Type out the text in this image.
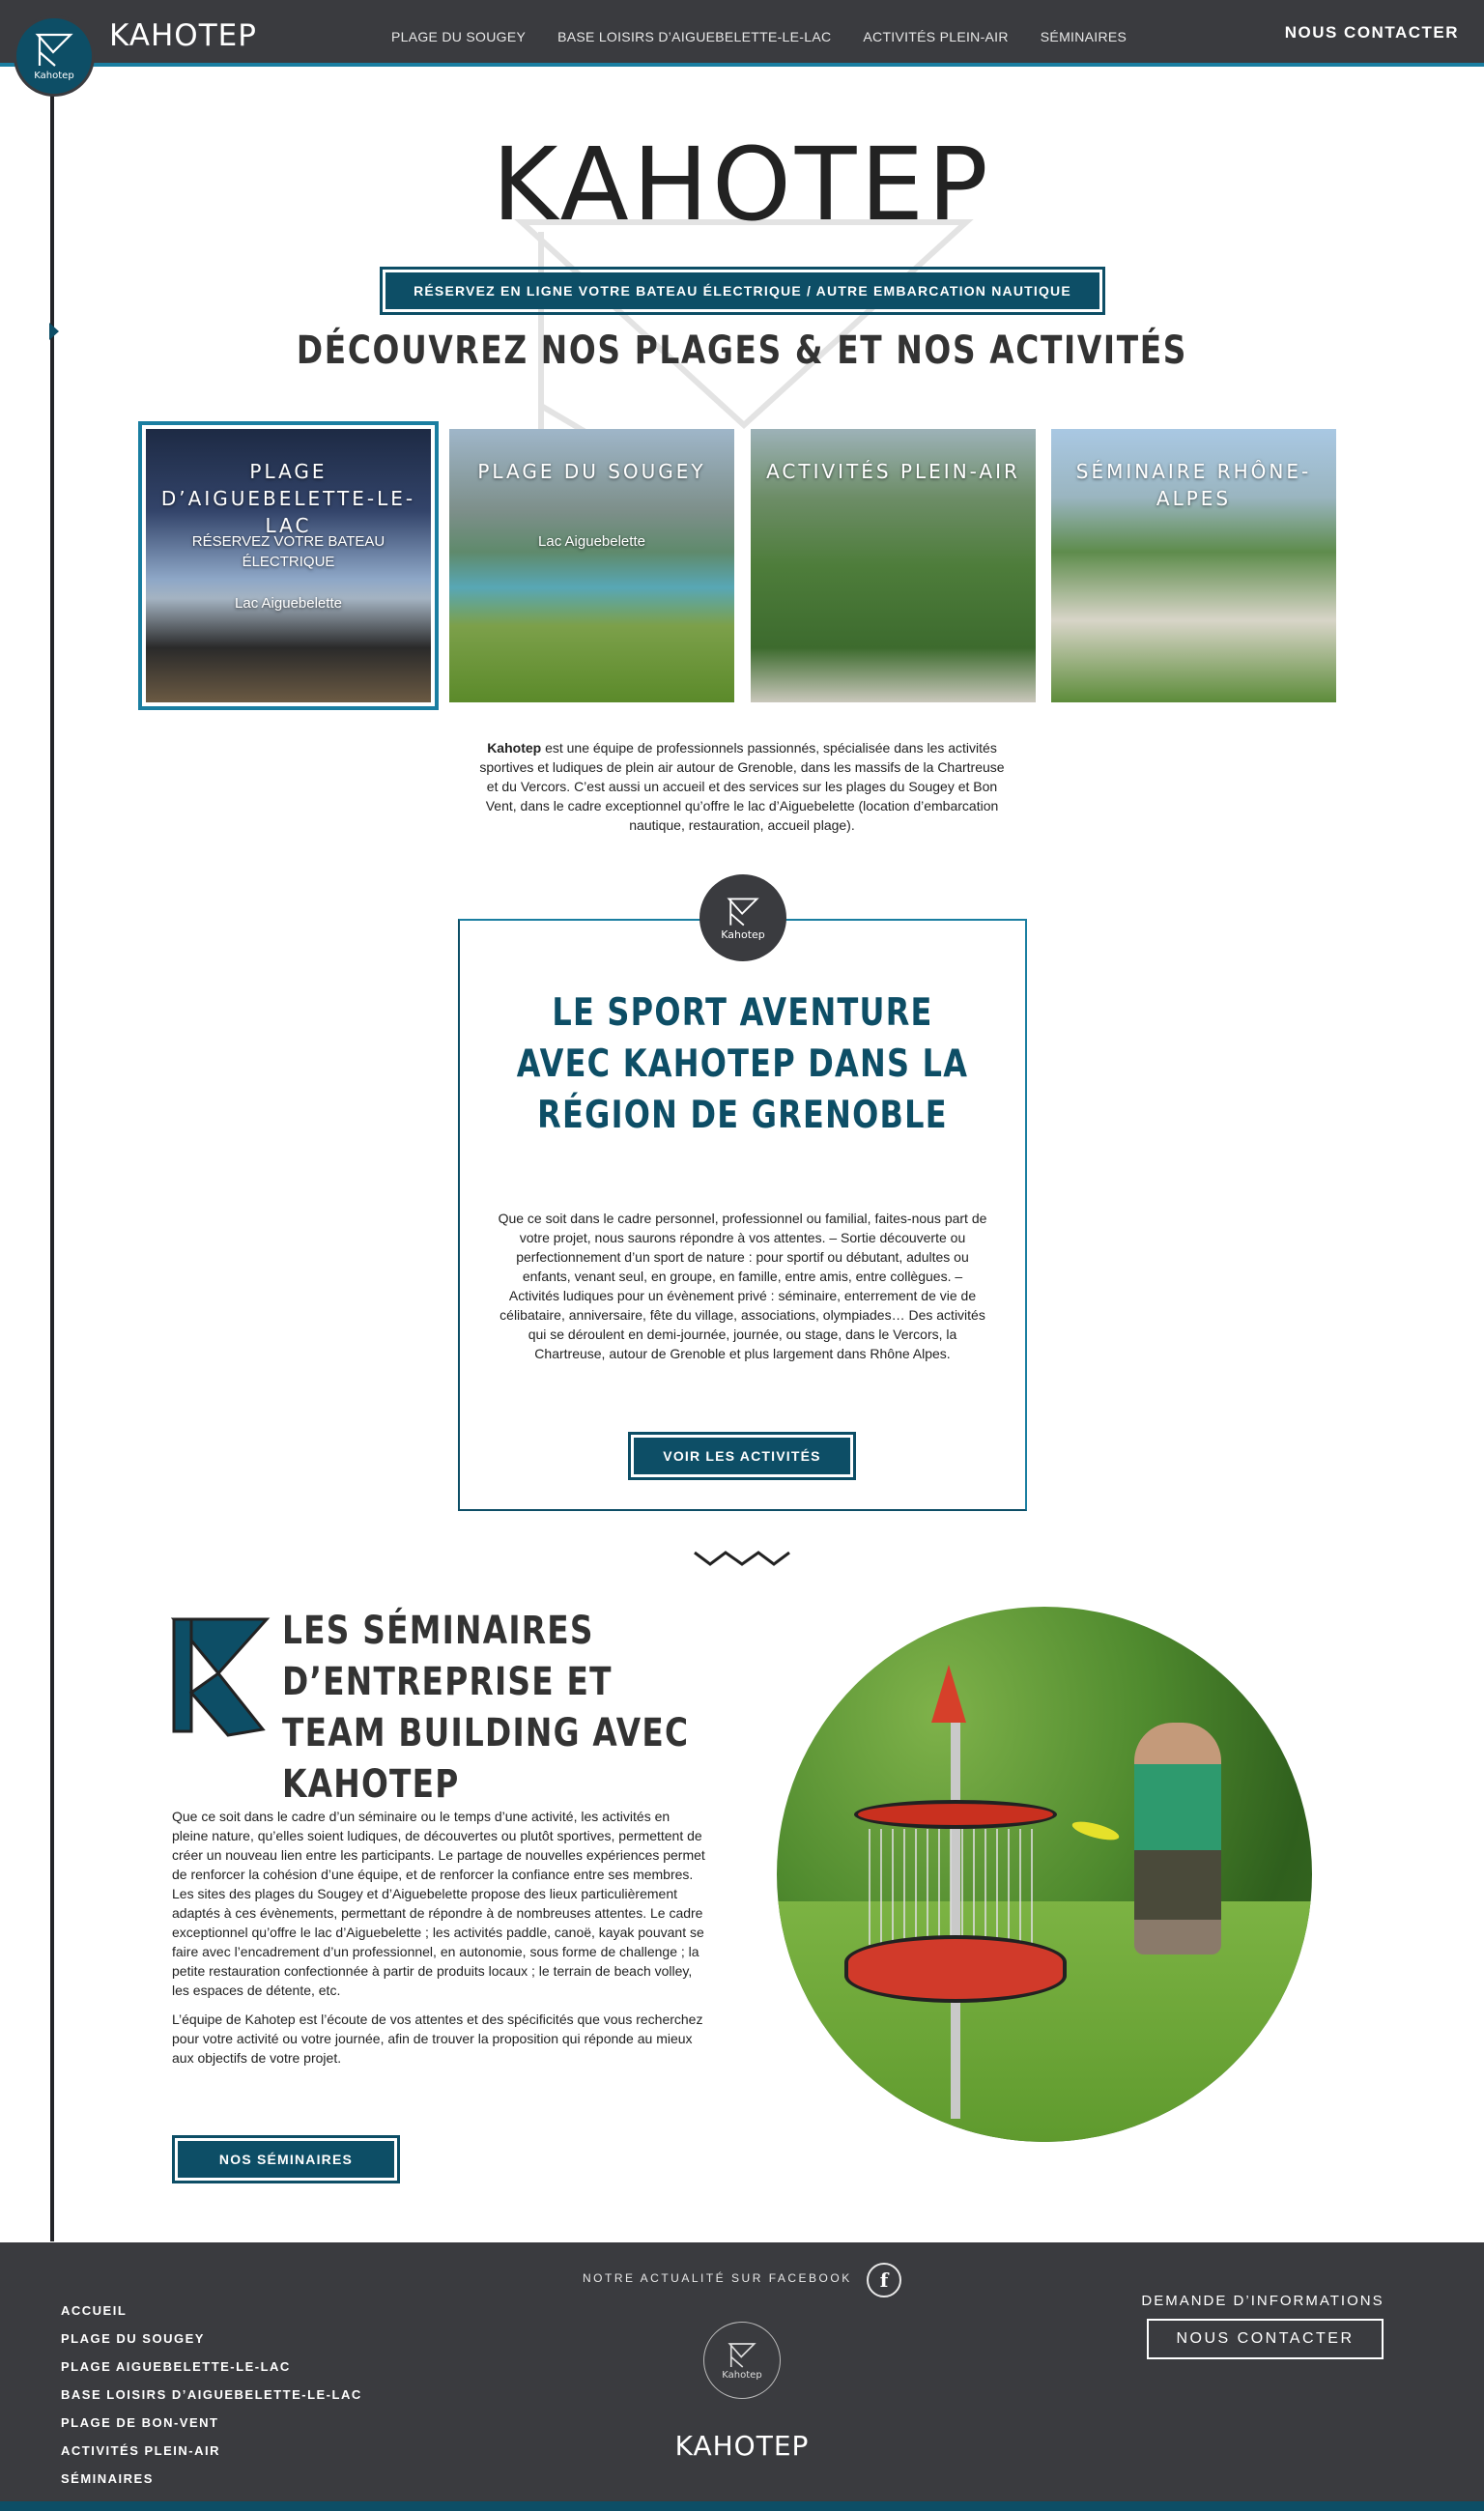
KAHOTEP	PLAGE DU SOUGEY BASE LOISIRS D’AIGUEBELETTE-LE-LAC ACTIVITÉS PLEIN-AIR SÉMINAIRES	NOUS CONTACTER
Kahotep
KAHOTEP
RÉSERVEZ EN LIGNE VOTRE BATEAU ÉLECTRIQUE / AUTRE EMBARCATION NAUTIQUE
DÉCOUVREZ NOS PLAGES & ET NOS ACTIVITÉS
PLAGE D’AIGUEBELETTE-LE-LAC
RÉSERVEZ VOTRE BATEAU ÉLECTRIQUE
Lac Aiguebelette
PLAGE DU SOUGEY
Lac Aiguebelette
ACTIVITÉS PLEIN-AIR	SÉMINAIRE RHÔNE-ALPES

Kahotep est une équipe de professionnels passionnés, spécialisée dans les activités sportives et ludiques de plein air autour de Grenoble, dans les massifs de la Chartreuse et du Vercors. C’est aussi un accueil et des services sur les plages du Sougey et Bon Vent, dans le cadre exceptionnel qu’offre le lac d’Aiguebelette (location d’embarcation nautique, restauration, accueil plage).

Kahotep
LE SPORT AVENTURE AVEC KAHOTEP DANS LA RÉGION DE GRENOBLE

Que ce soit dans le cadre personnel, professionnel ou familial, faites-nous part de votre projet, nous saurons répondre à vos attentes. – Sortie découverte ou perfectionnement d’un sport de nature : pour sportif ou débutant, adultes ou enfants, venant seul, en groupe, en famille, entre amis, entre collègues. – Activités ludiques pour un évènement privé : séminaire, enterrement de vie de célibataire, anniversaire, fête du village, associations, olympiades… Des activités qui se déroulent en demi-journée, journée, ou stage, dans le Vercors, la Chartreuse, autour de Grenoble et plus largement dans Rhône Alpes.

VOIR LES ACTIVITÉS
LES SÉMINAIRES D’ENTREPRISE ET TEAM BUILDING AVEC KAHOTEP

Que ce soit dans le cadre d’un séminaire ou le temps d’une activité, les activités en pleine nature, qu’elles soient ludiques, de découvertes ou plutôt sportives, permettent de créer un nouveau lien entre les participants. Le partage de nouvelles expériences permet de renforcer la cohésion d’une équipe, et de renforcer la confiance entre ses membres. Les sites des plages du Sougey et d’Aiguebelette propose des lieux particulièrement adaptés à ces évènements, permettant de répondre à de nombreuses attentes. Le cadre exceptionnel qu’offre le lac d’Aiguebelette ; les activités paddle, canoë, kayak pouvant se faire avec l’encadrement d’un professionnel, en autonomie, sous forme de challenge ; la petite restauration confectionnée à partir de produits locaux ; le terrain de beach volley, les espaces de détente, etc.

L’équipe de Kahotep est l’écoute de vos attentes et des spécificités que vous recherchez pour votre activité ou votre journée, afin de trouver la proposition qui réponde au mieux aux objectifs de votre projet.

NOS SÉMINAIRES
ACCUEIL
PLAGE DU SOUGEY
PLAGE AIGUEBELETTE-LE-LAC
BASE LOISIRS D’AIGUEBELETTE-LE-LAC
PLAGE DE BON-VENT
ACTIVITÉS PLEIN-AIR
SÉMINAIRES
NOTRE ACTUALITÉ SUR FACEBOOK	f
Kahotep
KAHOTEP
DEMANDE D’INFORMATIONS
NOUS CONTACTER
